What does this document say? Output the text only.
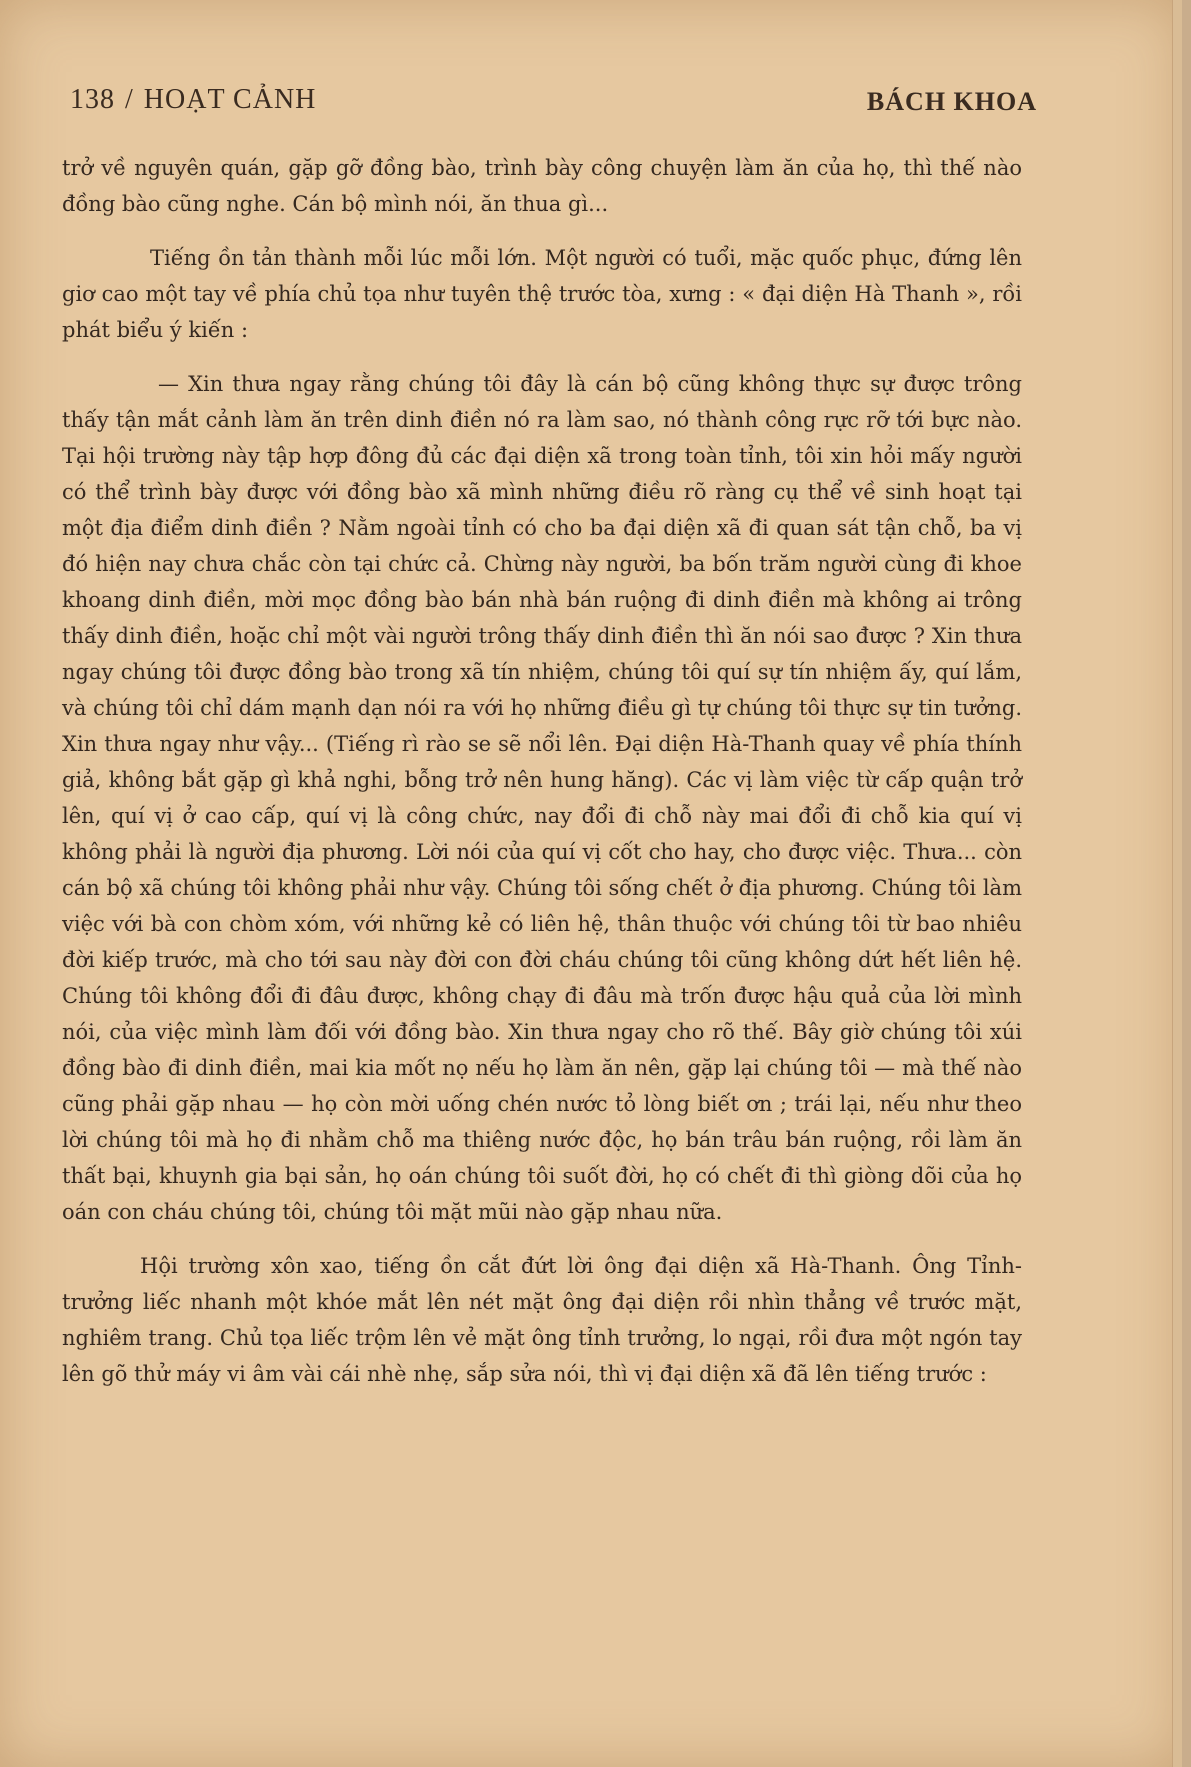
138 / HOẠT CẢNH	BÁCH KHOA

trở về nguyên quán, gặp gỡ đồng bào, trình bày công chuyện làm ăn của họ, thì thế nào đồng bào cũng nghe. Cán bộ mình nói, ăn thua gì...

Tiếng ồn tản thành mỗi lúc mỗi lớn. Một người có tuổi, mặc quốc phục, đứng lên giơ cao một tay về phía chủ tọa như tuyên thệ trước tòa, xưng : « đại diện Hà Thanh », rồi phát biểu ý kiến :

— Xin thưa ngay rằng chúng tôi đây là cán bộ cũng không thực sự được trông thấy tận mắt cảnh làm ăn trên dinh điền nó ra làm sao, nó thành công rực rỡ tới bực nào. Tại hội trường này tập hợp đông đủ các đại diện xã trong toàn tỉnh, tôi xin hỏi mấy người có thể trình bày được với đồng bào xã mình những điều rõ ràng cụ thể về sinh hoạt tại một địa điểm dinh điền ? Nằm ngoài tỉnh có cho ba đại diện xã đi quan sát tận chỗ, ba vị đó hiện nay chưa chắc còn tại chức cả. Chừng này người, ba bốn trăm người cùng đi khoe khoang dinh điền, mời mọc đồng bào bán nhà bán ruộng đi dinh điền mà không ai trông thấy dinh điền, hoặc chỉ một vài người trông thấy dinh điền thì ăn nói sao được ? Xin thưa ngay chúng tôi được đồng bào trong xã tín nhiệm, chúng tôi quí sự tín nhiệm ấy, quí lắm, và chúng tôi chỉ dám mạnh dạn nói ra với họ những điều gì tự chúng tôi thực sự tin tưởng. Xin thưa ngay như vậy... (Tiếng rì rào se sẽ nổi lên. Đại diện Hà-Thanh quay về phía thính giả, không bắt gặp gì khả nghi, bỗng trở nên hung hăng). Các vị làm việc từ cấp quận trở lên, quí vị ở cao cấp, quí vị là công chức, nay đổi đi chỗ này mai đổi đi chỗ kia quí vị không phải là người địa phương. Lời nói của quí vị cốt cho hay, cho được việc. Thưa... còn cán bộ xã chúng tôi không phải như vậy. Chúng tôi sống chết ở địa phương. Chúng tôi làm việc với bà con chòm xóm, với những kẻ có liên hệ, thân thuộc với chúng tôi từ bao nhiêu đời kiếp trước, mà cho tới sau này đời con đời cháu chúng tôi cũng không dứt hết liên hệ. Chúng tôi không đổi đi đâu được, không chạy đi đâu mà trốn được hậu quả của lời mình nói, của việc mình làm đối với đồng bào. Xin thưa ngay cho rõ thế. Bây giờ chúng tôi xúi đồng bào đi dinh điền, mai kia mốt nọ nếu họ làm ăn nên, gặp lại chúng tôi — mà thế nào cũng phải gặp nhau — họ còn mời uống chén nước tỏ lòng biết ơn ; trái lại, nếu như theo lời chúng tôi mà họ đi nhằm chỗ ma thiêng nước độc, họ bán trâu bán ruộng, rồi làm ăn thất bại, khuynh gia bại sản, họ oán chúng tôi suốt đời, họ có chết đi thì giòng dõi của họ oán con cháu chúng tôi, chúng tôi mặt mũi nào gặp nhau nữa.

Hội trường xôn xao, tiếng ồn cắt đứt lời ông đại diện xã Hà-Thanh. Ông Tỉnh-trưởng liếc nhanh một khóe mắt lên nét mặt ông đại diện rồi nhìn thẳng về trước mặt, nghiêm trang. Chủ tọa liếc trộm lên vẻ mặt ông tỉnh trưởng, lo ngại, rồi đưa một ngón tay lên gõ thử máy vi âm vài cái nhè nhẹ, sắp sửa nói, thì vị đại diện xã đã lên tiếng trước :
